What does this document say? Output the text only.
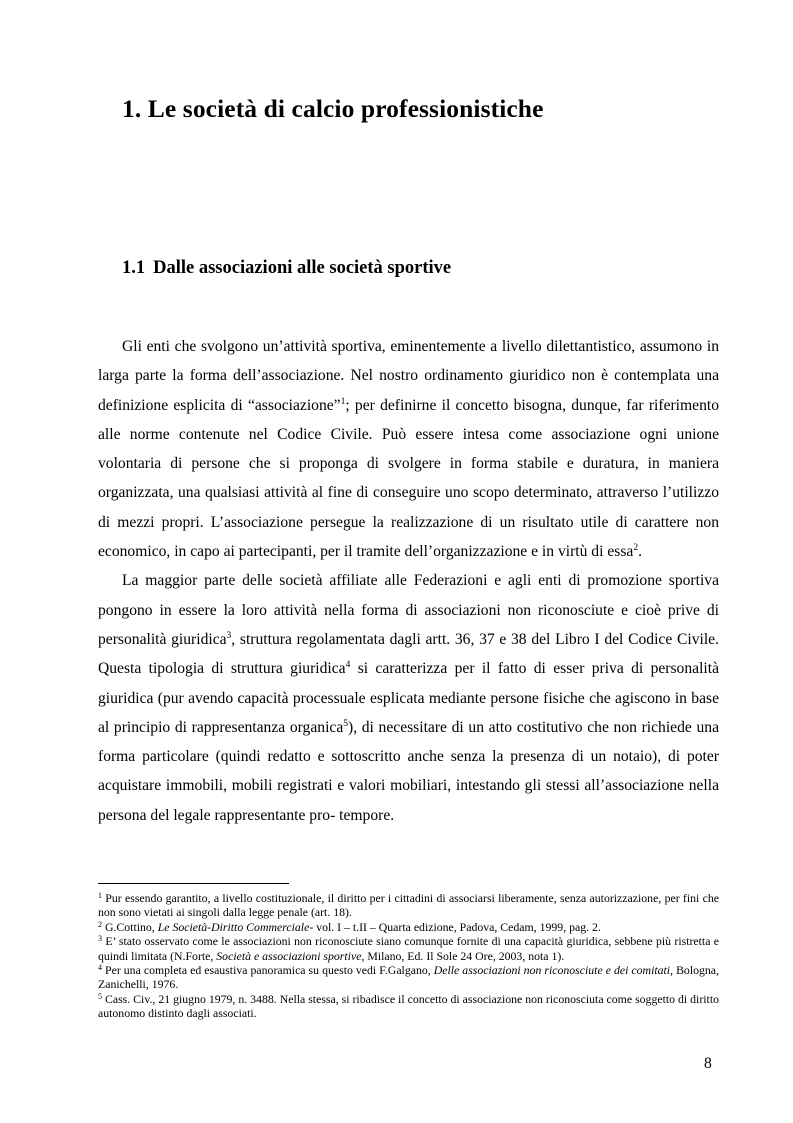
1. Le società di calcio professionistiche
1.1 Dalle associazioni alle società sportive

Gli enti che svolgono un’attività sportiva, eminentemente a livello dilettantistico, assumono in larga parte la forma dell’associazione. Nel nostro ordinamento giuridico non è contemplata una definizione esplicita di “associazione”$^1$; per definirne il concetto bisogna, dunque, far riferimento alle norme contenute nel Codice Civile. Può essere intesa come associazione ogni unione volontaria di persone che si proponga di svolgere in forma stabile e duratura, in maniera organizzata, una qualsiasi attività al fine di conseguire uno scopo determinato, attraverso l’utilizzo di mezzi propri. L’associazione persegue la realizzazione di un risultato utile di carattere non economico, in capo ai partecipanti, per il tramite dell’organizzazione e in virtù di essa$^2$.

La maggior parte delle società affiliate alle Federazioni e agli enti di promozione sportiva pongono in essere la loro attività nella forma di associazioni non riconosciute e cioè prive di personalità giuridica$^3$, struttura regolamentata dagli artt. 36, 37 e 38 del Libro I del Codice Civile. Questa tipologia di struttura giuridica$^4$ si caratterizza per il fatto di esser priva di personalità giuridica (pur avendo capacità processuale esplicata mediante persone fisiche che agiscono in base al principio di rappresentanza organica$^5$), di necessitare di un atto costitutivo che non richiede una forma particolare (quindi redatto e sottoscritto anche senza la presenza di un notaio), di poter acquistare immobili, mobili registrati e valori mobiliari, intestando gli stessi all’associazione nella persona del legale rappresentante pro- tempore.

$^1$ Pur essendo garantito, a livello costituzionale, il diritto per i cittadini di associarsi liberamente, senza autorizzazione, per fini che non sono vietati ai singoli dalla legge penale (art. 18).

$^2$ G.Cottino, Le Società-Diritto Commerciale- vol. I – t.II – Quarta edizione, Padova, Cedam, 1999, pag. 2.

$^3$ E’ stato osservato come le associazioni non riconosciute siano comunque fornite di una capacità giuridica, sebbene più ristretta e quindi limitata (N.Forte, Società e associazioni sportive, Milano, Ed. Il Sole 24 Ore, 2003, nota 1).

$^4$ Per una completa ed esaustiva panoramica su questo vedi F.Galgano, Delle associazioni non riconosciute e dei comitati, Bologna, Zanichelli, 1976.

$^5$ Cass. Civ., 21 giugno 1979, n. 3488. Nella stessa, si ribadisce il concetto di associazione non riconosciuta come soggetto di diritto autonomo distinto dagli associati.

8
